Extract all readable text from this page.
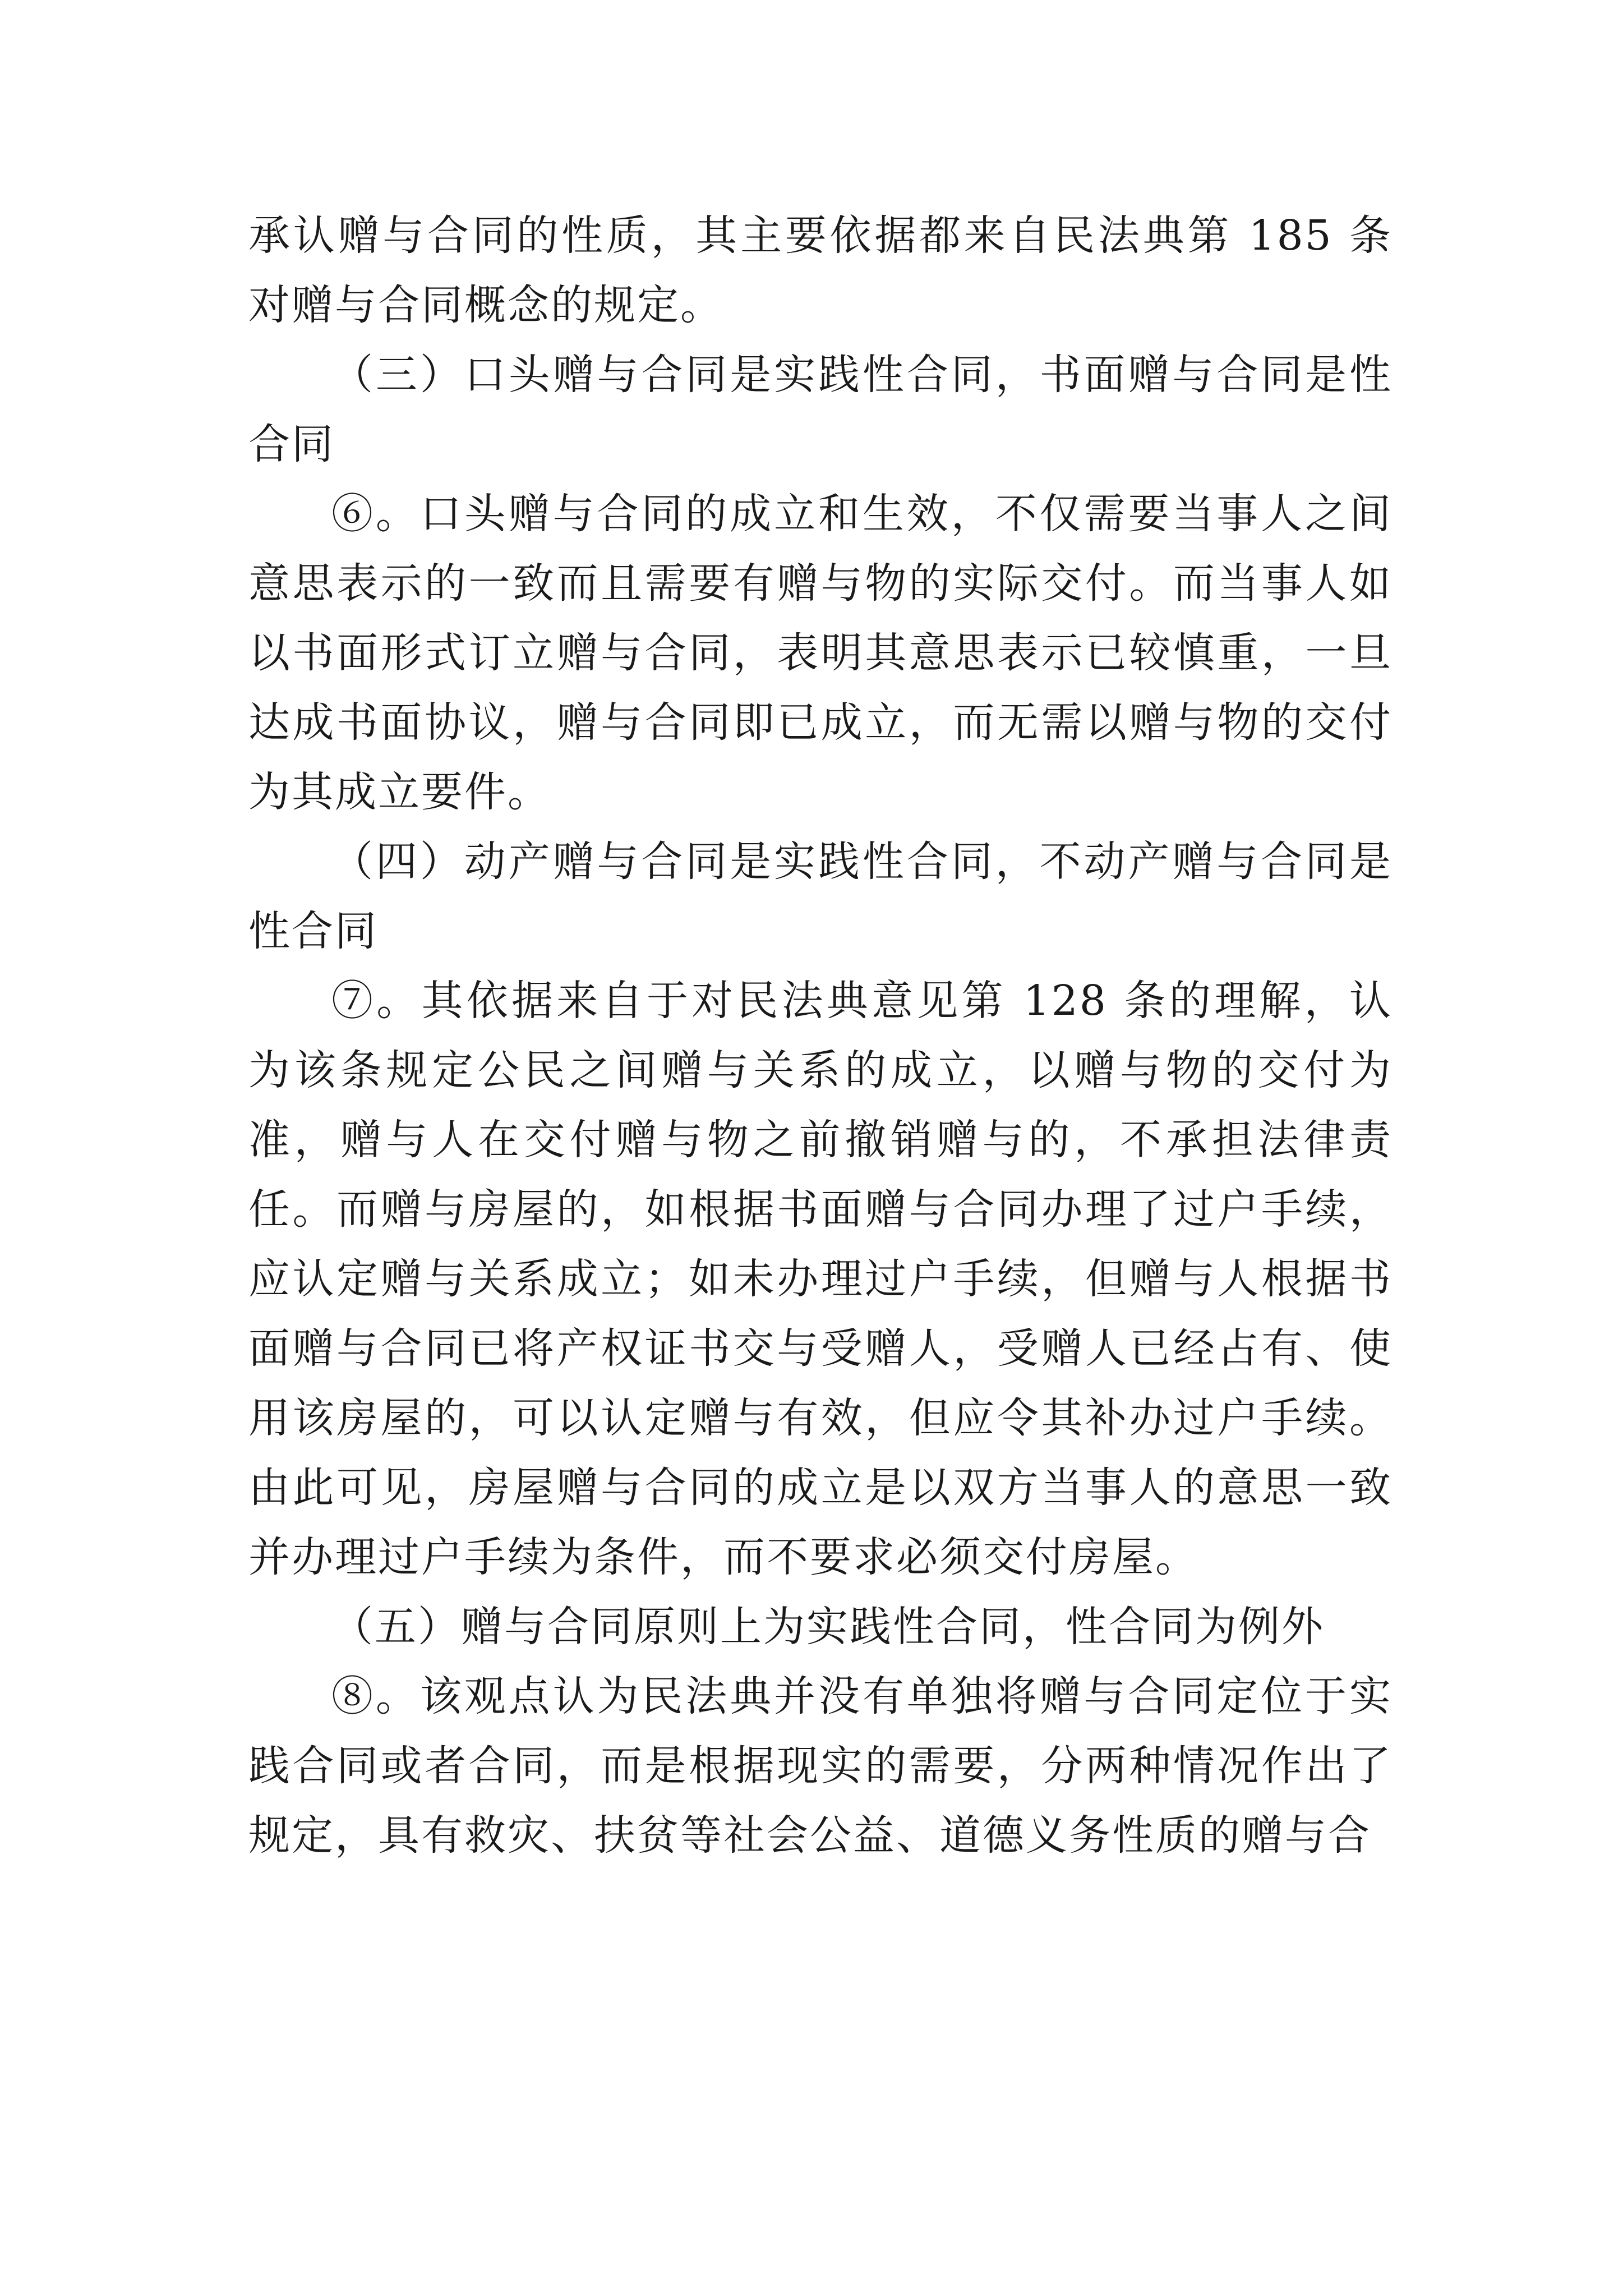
承认赠与合同的性质，其主要依据都来自民法典第 185 条对赠与合同概念的规定。

（三）口头赠与合同是实践性合同，书面赠与合同是性合同

⑥。口头赠与合同的成立和生效，不仅需要当事人之间意思表示的一致而且需要有赠与物的实际交付。而当事人如以书面形式订立赠与合同，表明其意思表示已较慎重，一旦达成书面协议，赠与合同即已成立，而无需以赠与物的交付为其成立要件。

（四）动产赠与合同是实践性合同，不动产赠与合同是性合同

⑦。其依据来自于对民法典意见第 128 条的理解，认为该条规定公民之间赠与关系的成立，以赠与物的交付为准，赠与人在交付赠与物之前撤销赠与的，不承担法律责任。而赠与房屋的，如根据书面赠与合同办理了过户手续，应认定赠与关系成立；如未办理过户手续，但赠与人根据书面赠与合同已将产权证书交与受赠人，受赠人已经占有、使用该房屋的，可以认定赠与有效，但应令其补办过户手续。由此可见，房屋赠与合同的成立是以双方当事人的意思一致并办理过户手续为条件，而不要求必须交付房屋。

（五）赠与合同原则上为实践性合同，性合同为例外

⑧。该观点认为民法典并没有单独将赠与合同定位于实践合同或者合同，而是根据现实的需要，分两种情况作出了规定，具有救灾、扶贫等社会公益、道德义务性质的赠与合
